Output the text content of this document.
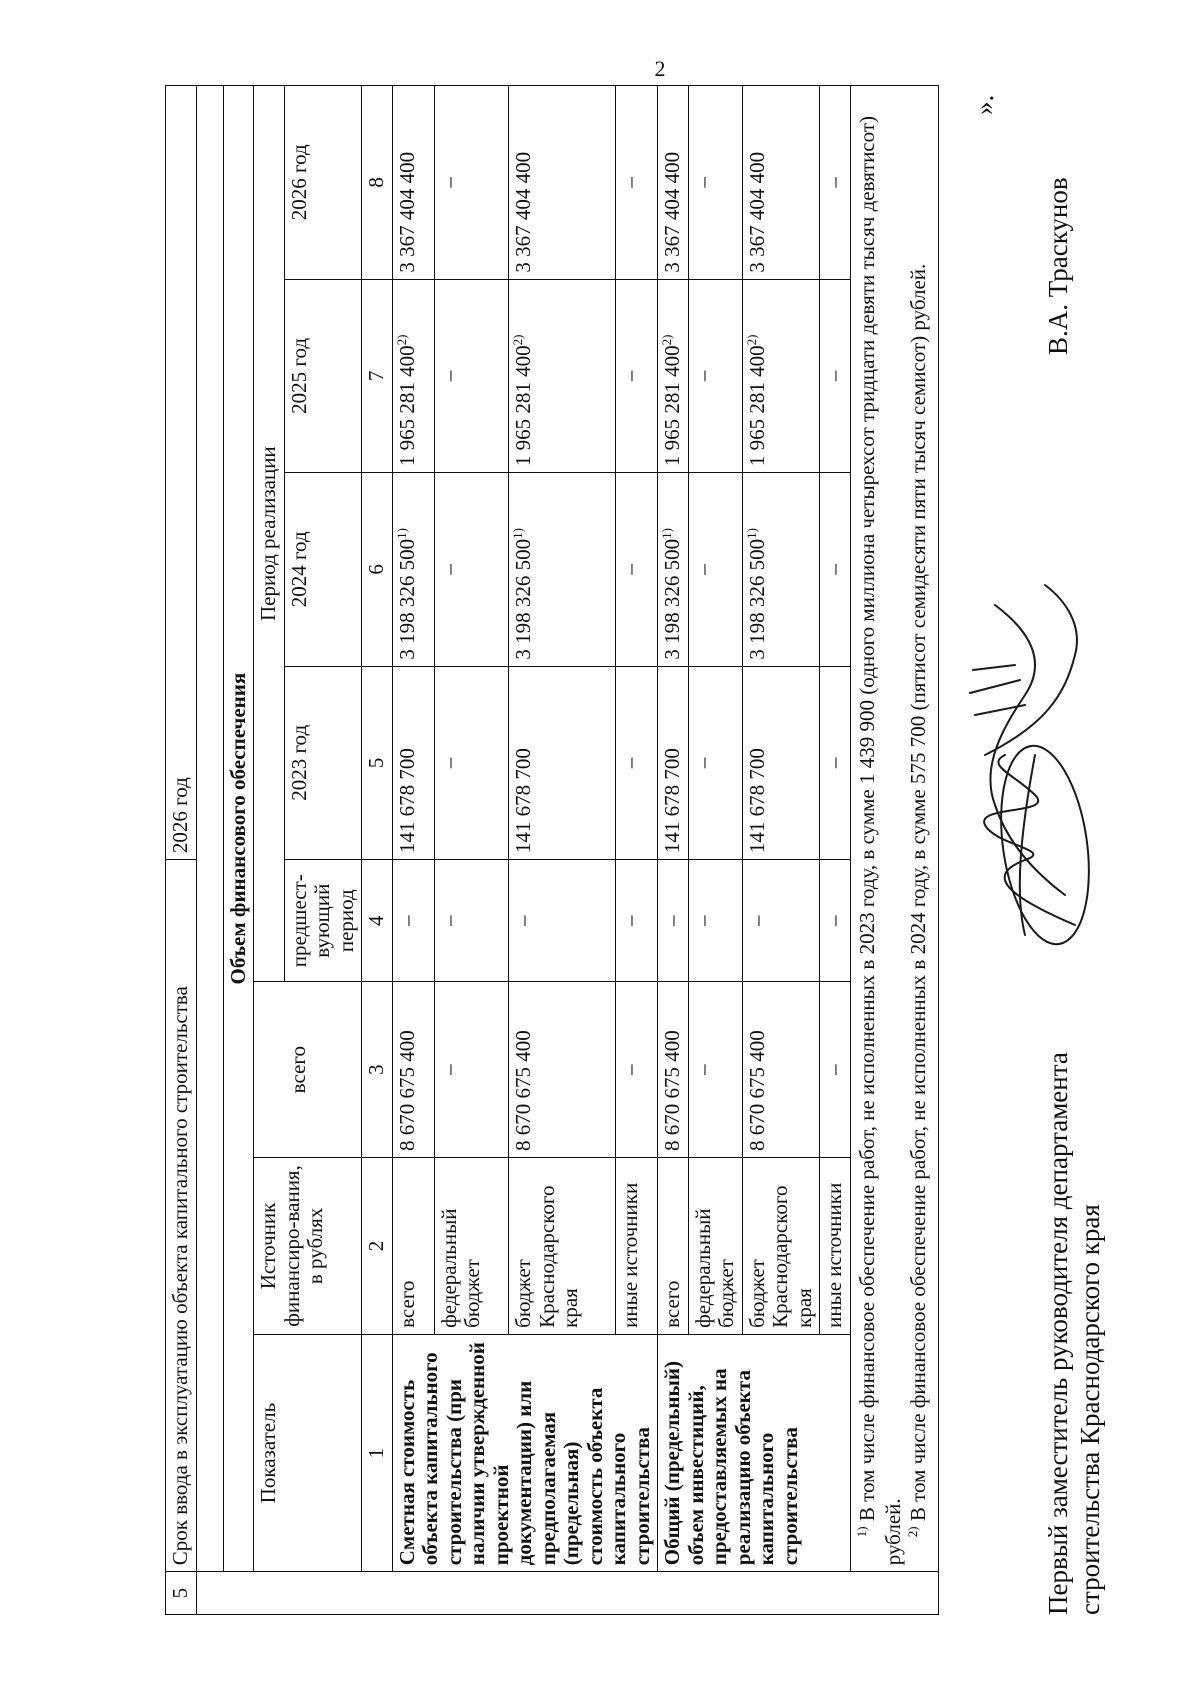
2
5	Срок ввода в эксплуатацию объекта капитального строительства				2026 год			

	Объем финансового обеспечения							
	Показатель	Источник финансиро-вания, в рублях		Период реализации				
				предшест-вующий период	2023 год	2024 год	2025 год	2026 год
			всего					
	1	2	3	4	5	6	7	8
	Сметная стоимость объекта капитального строительства (при наличии утвержденной проектной документации) или предполагаемая (предельная) стоимость объекта капитального строительства	всего	8 670 675 400	–	141 678 700	3 198 326 500$^{1)}$	1 965 281 400$^{2)}$	3 367 404 400
		федеральный бюджет	–	–	–	–	–	–
		бюджет Краснодарского края	8 670 675 400	–	141 678 700	3 198 326 500$^{1)}$	1 965 281 400$^{2)}$	3 367 404 400
		иные источники	–	–	–	–	–	–
	Общий (предельный) объем инвестиций, предоставляемых на реализацию объекта капитального строительства	всего	8 670 675 400	–	141 678 700	3 198 326 500$^{1)}$	1 965 281 400$^{2)}$	3 367 404 400
		федеральный бюджет	–	–	–	–	–	–
		бюджет Краснодарского края	8 670 675 400	–	141 678 700	3 198 326 500$^{1)}$	1 965 281 400$^{2)}$	3 367 404 400
		иные источники	–	–	–	–	–	–

	$^{1)}$ В том числе финансовое обеспечение работ, не исполненных в 2023 году, в сумме 1 439 900 (одного миллиона четырехсот тридцати девяти тысяч девятисот) рублей. $^{2)}$ В том числе финансовое обеспечение работ, не исполненных в 2024 году, в сумме 575 700 (пятисот семидесяти пяти тысяч семисот) рублей.							

».
Первый заместитель руководителя департамента строительства Краснодарского края
В.А. Траскунов
